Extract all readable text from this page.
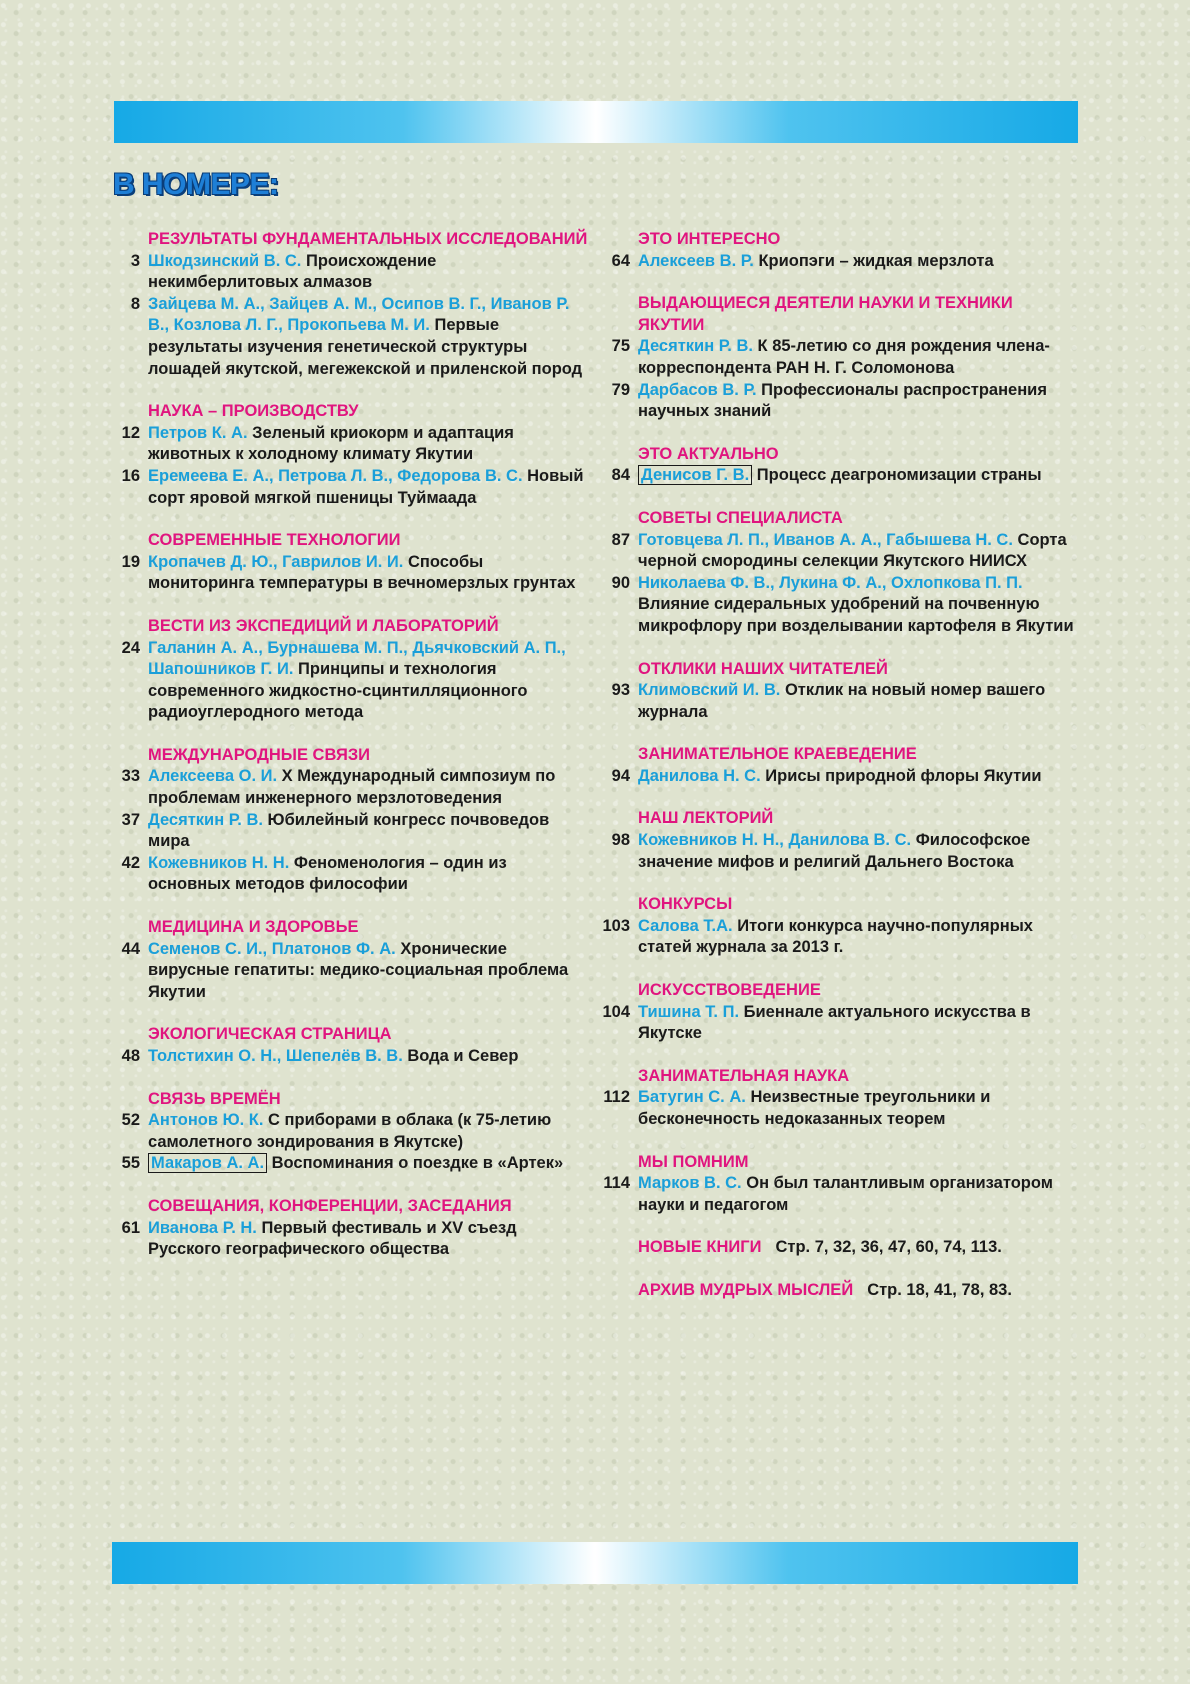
В НОМЕРЕ:
РЕЗУЛЬТАТЫ ФУНДАМЕНТАЛЬНЫХ ИССЛЕДОВАНИЙ
3 Шкодзинский В. С. Происхождение некимберлитовых алмазов
8 Зайцева М. А., Зайцев А. М., Осипов В. Г., Иванов Р. В., Козлова Л. Г., Прокопьева М. И. Первые результаты изучения генетической структуры лошадей якутской, мегежекской и приленской пород
НАУКА – ПРОИЗВОДСТВУ
12 Петров К. А. Зеленый криокорм и адаптация животных к холодному климату Якутии
16 Еремеева Е. А., Петрова Л. В., Федорова В. С. Новый сорт яровой мягкой пшеницы Туймаада
СОВРЕМЕННЫЕ ТЕХНОЛОГИИ
19 Кропачев Д. Ю., Гаврилов И. И. Способы мониторинга температуры в вечномерзлых грунтах
ВЕСТИ ИЗ ЭКСПЕДИЦИЙ И ЛАБОРАТОРИЙ
24 Галанин А. А., Бурнашева М. П., Дьячковский А. П., Шапошников Г. И. Принципы и технология современного жидкостно-сцинтилляционного радиоуглеродного метода
МЕЖДУНАРОДНЫЕ СВЯЗИ
33 Алексеева О. И. X Международный симпозиум по проблемам инженерного мерзлотоведения
37 Десяткин Р. В. Юбилейный конгресс почвоведов мира
42 Кожевников Н. Н. Феноменология – один из основных методов философии
МЕДИЦИНА И ЗДОРОВЬЕ
44 Семенов С. И., Платонов Ф. А. Хронические вирусные гепатиты: медико-социальная проблема Якутии
ЭКОЛОГИЧЕСКАЯ СТРАНИЦА
48 Толстихин О. Н., Шепелёв В. В. Вода и Север
СВЯЗЬ ВРЕМЁН
52 Антонов Ю. К. С приборами в облака (к 75-летию самолетного зондирования в Якутске)
55 Макаров А. А. Воспоминания о поездке в «Артек»
СОВЕЩАНИЯ, КОНФЕРЕНЦИИ, ЗАСЕДАНИЯ
61 Иванова Р. Н. Первый фестиваль и XV съезд Русского географического общества
ЭТО ИНТЕРЕСНО
64 Алексеев В. Р. Криопэги – жидкая мерзлота
ВЫДАЮЩИЕСЯ ДЕЯТЕЛИ НАУКИ И ТЕХНИКИ ЯКУТИИ
75 Десяткин Р. В. К 85-летию со дня рождения члена-корреспондента РАН Н. Г. Соломонова
79 Дарбасов В. Р. Профессионалы распространения научных знаний
ЭТО АКТУАЛЬНО
84 Денисов Г. В. Процесс деагрономизации страны
СОВЕТЫ СПЕЦИАЛИСТА
87 Готовцева Л. П., Иванов А. А., Габышева Н. С. Сорта черной смородины селекции Якутского НИИСХ
90 Николаева Ф. В., Лукина Ф. А., Охлопкова П. П. Влияние сидеральных удобрений на почвенную микрофлору при возделывании картофеля в Якутии
ОТКЛИКИ НАШИХ ЧИТАТЕЛЕЙ
93 Климовский И. В. Отклик на новый номер вашего журнала
ЗАНИМАТЕЛЬНОЕ КРАЕВЕДЕНИЕ
94 Данилова Н. С. Ирисы природной флоры Якутии
НАШ ЛЕКТОРИЙ
98 Кожевников Н. Н., Данилова В. С. Философское значение мифов и религий Дальнего Востока
КОНКУРСЫ
103 Салова Т.А. Итоги конкурса научно-популярных статей журнала за 2013 г.
ИСКУССТВОВЕДЕНИЕ
104 Тишина Т. П. Биеннале актуального искусства в Якутске
ЗАНИМАТЕЛЬНАЯ НАУКА
112 Батугин С. А. Неизвестные треугольники и бесконечность недоказанных теорем
МЫ ПОМНИМ
114 Марков В. С. Он был талантливым организатором науки и педагогом
НОВЫЕ КНИГИ Стр. 7, 32, 36, 47, 60, 74, 113.
АРХИВ МУДРЫХ МЫСЛЕЙ Стр. 18, 41, 78, 83.
